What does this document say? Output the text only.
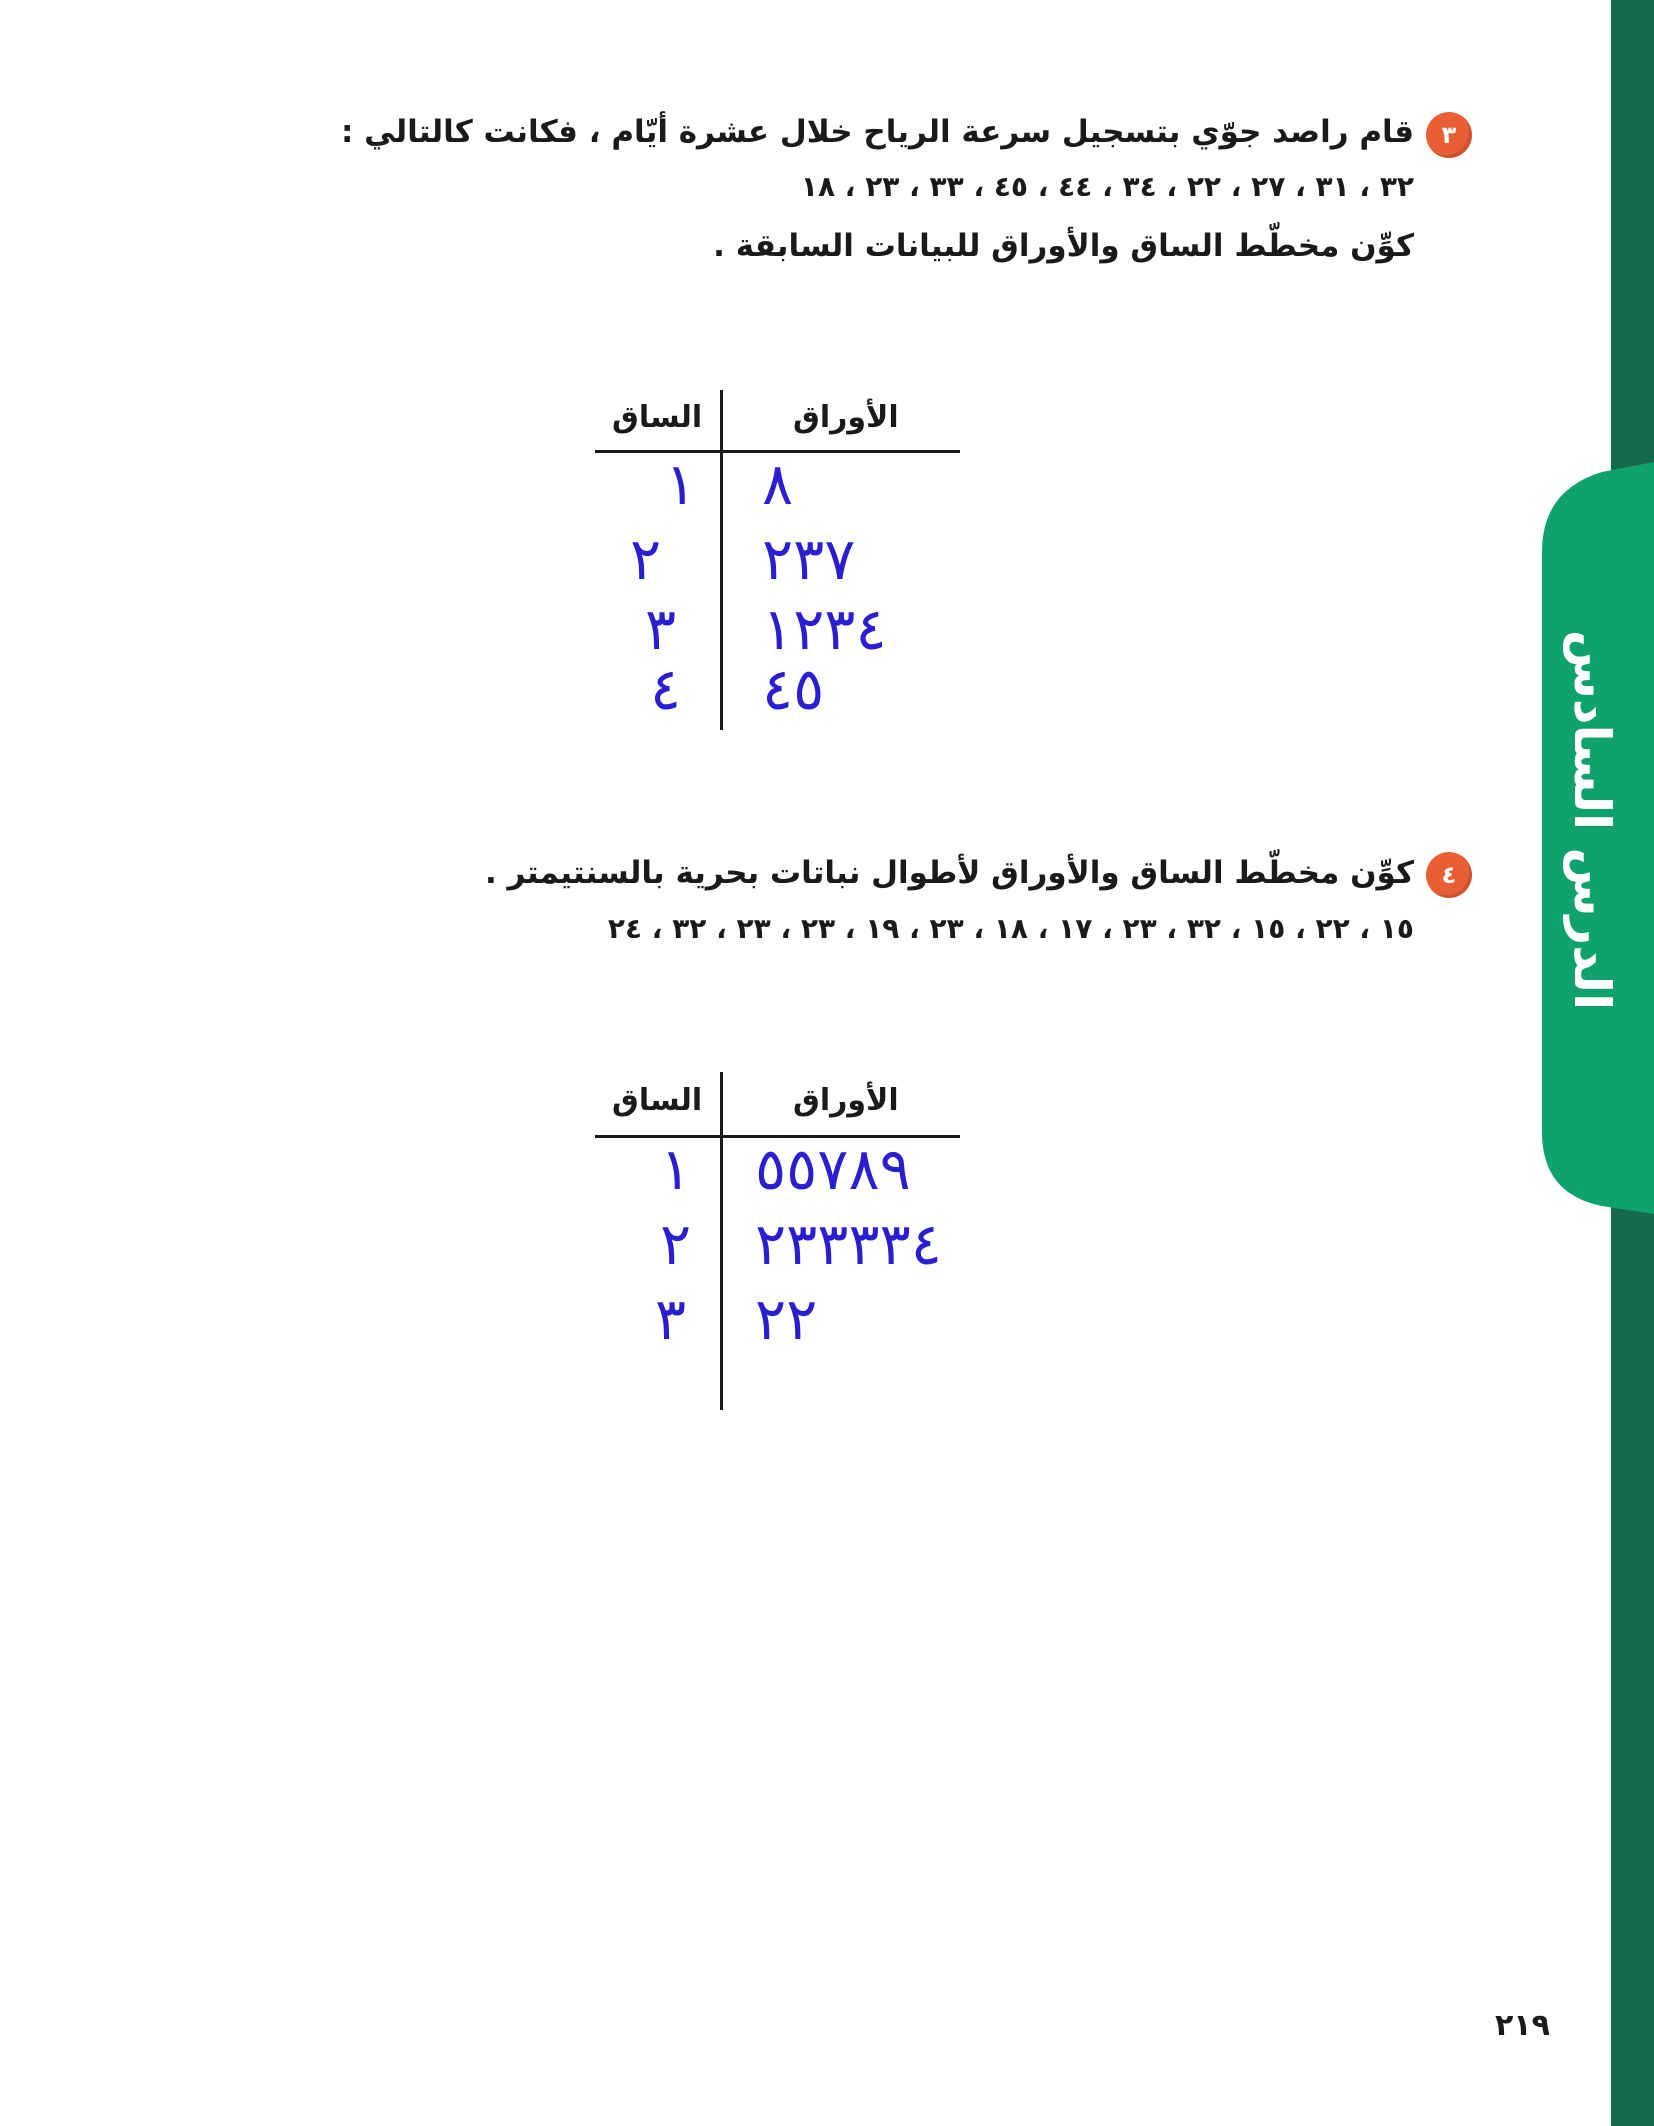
الدرس السادس
٣
قام راصد جوّي بتسجيل سرعة الرياح خلال عشرة أيّام ، فكانت كالتالي :
٣٢ ، ٣١ ، ٢٧ ، ٢٢ ، ٣٤ ، ٤٤ ، ٤٥ ، ٣٣ ، ٢٣ ، ١٨
كوِّن مخطّط الساق والأوراق للبيانات السابقة .
الساق	الأوراق
١ ٨
٢ ٢٣٧
٣ ١٢٣٤
٤ ٤٥
٤
كوِّن مخطّط الساق والأوراق لأطوال نباتات بحرية بالسنتيمتر .
١٥ ، ٢٢ ، ١٥ ، ٣٢ ، ٢٣ ، ١٧ ، ١٨ ، ٢٣ ، ١٩ ، ٢٣ ، ٢٣ ، ٣٢ ، ٢٤
الساق	الأوراق
١ ٥٥٧٨٩
٢ ٢٣٣٣٣٤
٣ ٢٢
٢١٩
